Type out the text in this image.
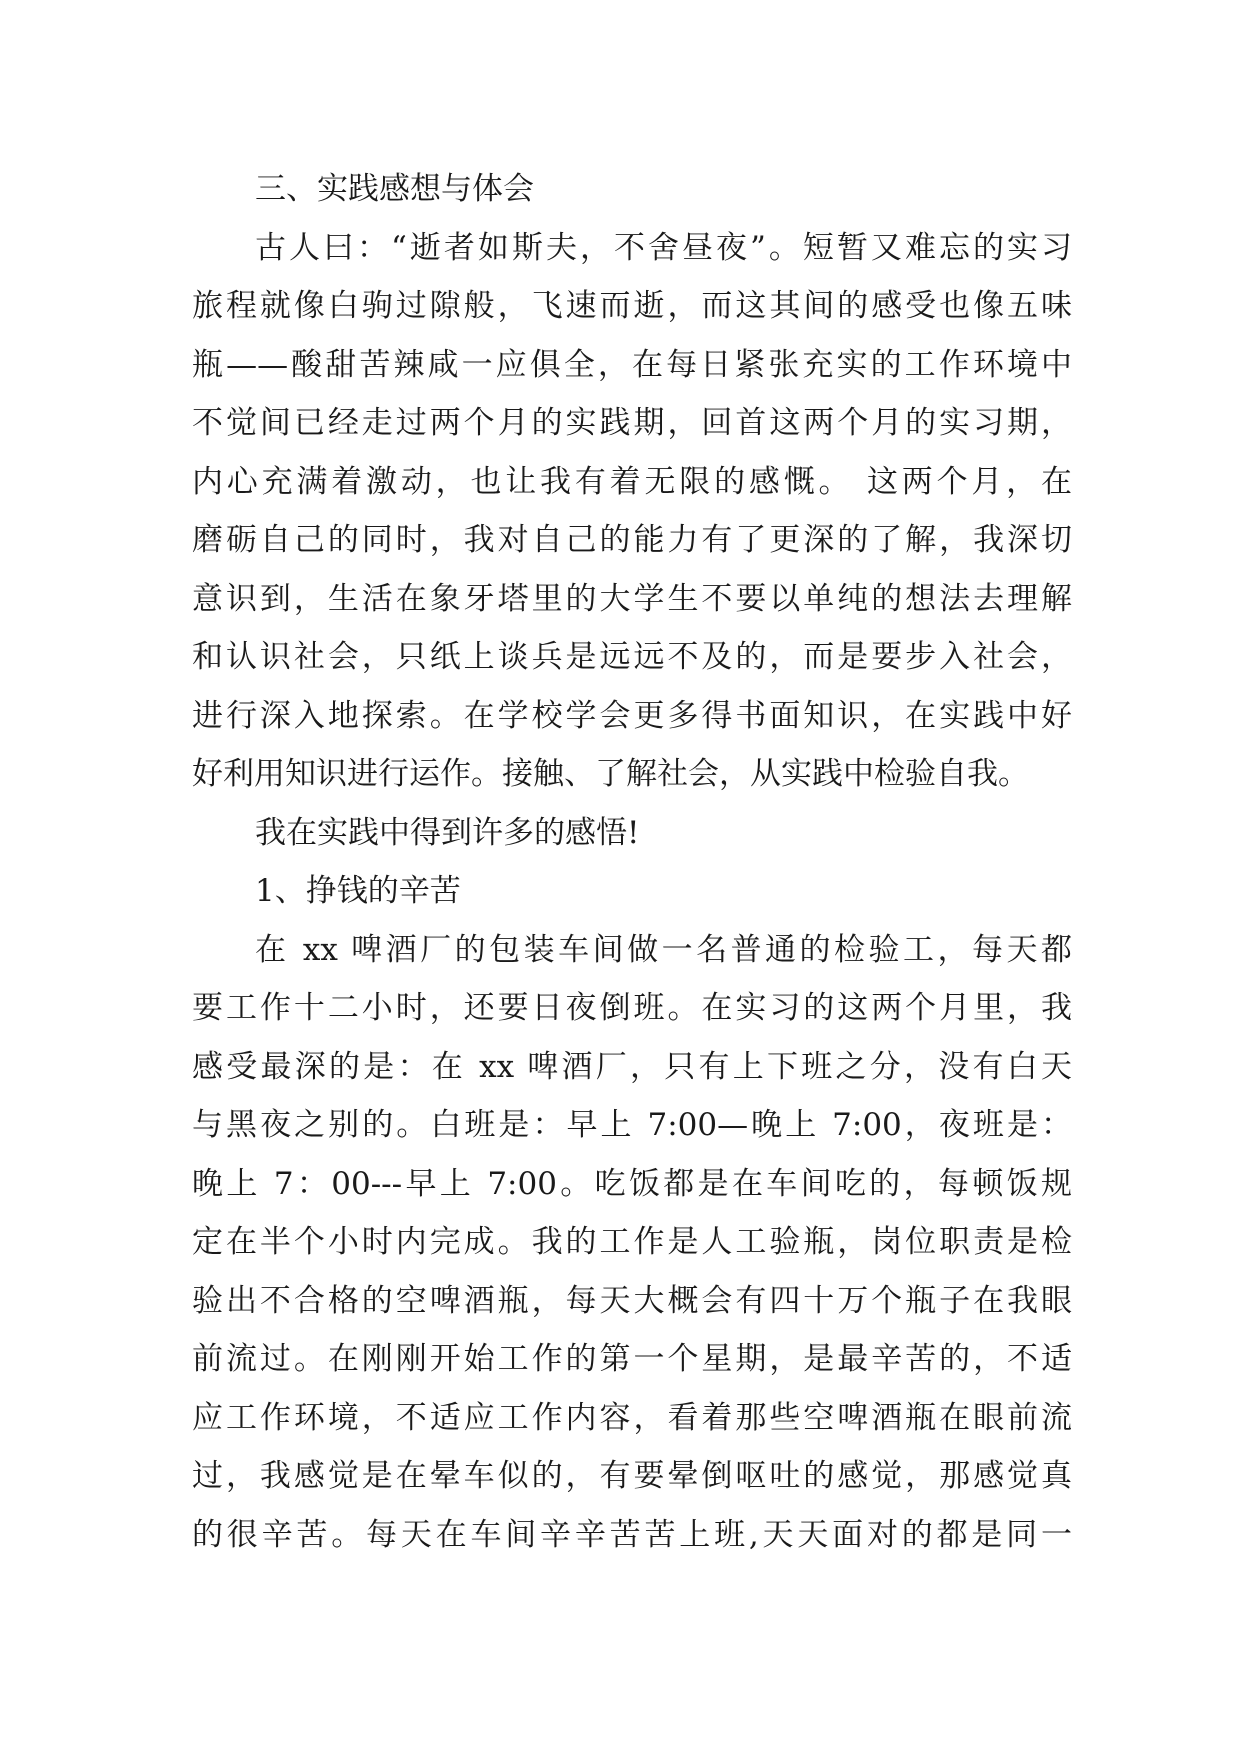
三、实践感想与体会
古人曰：“逝者如斯夫，不舍昼夜”。短暂又难忘的实习
旅程就像白驹过隙般，飞速而逝，而这其间的感受也像五味
瓶——酸甜苦辣咸一应俱全，在每日紧张充实的工作环境中
不觉间已经走过两个月的实践期，回首这两个月的实习期，
内心充满着激动，也让我有着无限的感慨。 这两个月，在
磨砺自己的同时，我对自己的能力有了更深的了解，我深切
意识到，生活在象牙塔里的大学生不要以单纯的想法去理解
和认识社会，只纸上谈兵是远远不及的，而是要步入社会，
进行深入地探索。在学校学会更多得书面知识，在实践中好
好利用知识进行运作。接触、了解社会，从实践中检验自我。
我在实践中得到许多的感悟!
1、挣钱的辛苦
在 xx 啤酒厂的包装车间做一名普通的检验工，每天都
要工作十二小时，还要日夜倒班。在实习的这两个月里，我
感受最深的是：在 xx 啤酒厂，只有上下班之分，没有白天
与黑夜之别的。白班是：早上 7:00—晚上 7:00，夜班是：
晚上 7：00---早上 7:00。吃饭都是在车间吃的，每顿饭规
定在半个小时内完成。我的工作是人工验瓶，岗位职责是检
验出不合格的空啤酒瓶，每天大概会有四十万个瓶子在我眼
前流过。在刚刚开始工作的第一个星期，是最辛苦的，不适
应工作环境，不适应工作内容，看着那些空啤酒瓶在眼前流
过，我感觉是在晕车似的，有要晕倒呕吐的感觉，那感觉真
的很辛苦。每天在车间辛辛苦苦上班,天天面对的都是同一
